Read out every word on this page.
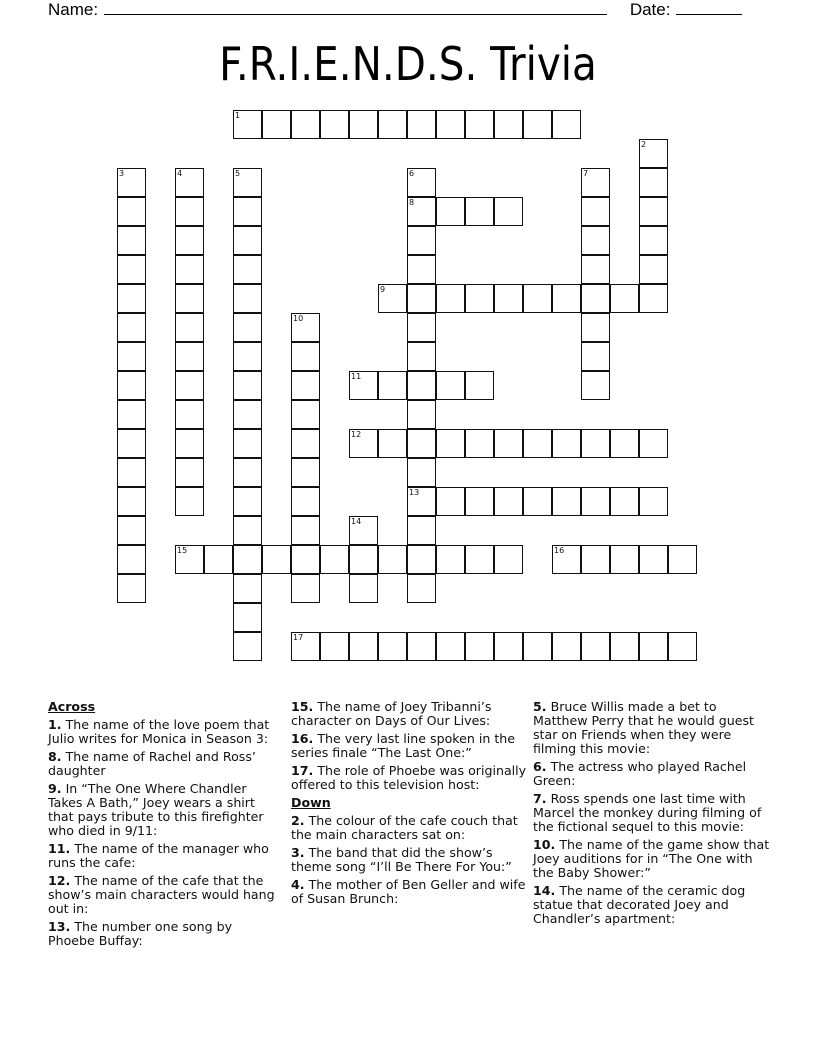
Name:	Date:
F.R.I.E.N.D.S. Trivia
1
2
3	4	5	6
8
13
7
9
10
11
12
14
15	16
17
Across
1. The name of the love poem that Julio writes for Monica in Season 3:
8. The name of Rachel and Ross’ daughter
9. In “The One Where Chandler Takes A Bath,” Joey wears a shirt that pays tribute to this firefighter who died in 9/11:
11. The name of the manager who runs the cafe:
12. The name of the cafe that the show’s main characters would hang out in:
13. The number one song by Phoebe Buffay:
15. The name of Joey Tribanni’s character on Days of Our Lives:
16. The very last line spoken in the series finale “The Last One:”
17. The role of Phoebe was originally offered to this television host:
Down
2. The colour of the cafe couch that the main characters sat on:
3. The band that did the show’s theme song “I’ll Be There For You:”
4. The mother of Ben Geller and wife of Susan Brunch:
5. Bruce Willis made a bet to Matthew Perry that he would guest star on Friends when they were filming this movie:
6. The actress who played Rachel Green:
7. Ross spends one last time with Marcel the monkey during filming of the fictional sequel to this movie:
10. The name of the game show that Joey auditions for in “The One with the Baby Shower:”
14. The name of the ceramic dog statue that decorated Joey and Chandler’s apartment:
